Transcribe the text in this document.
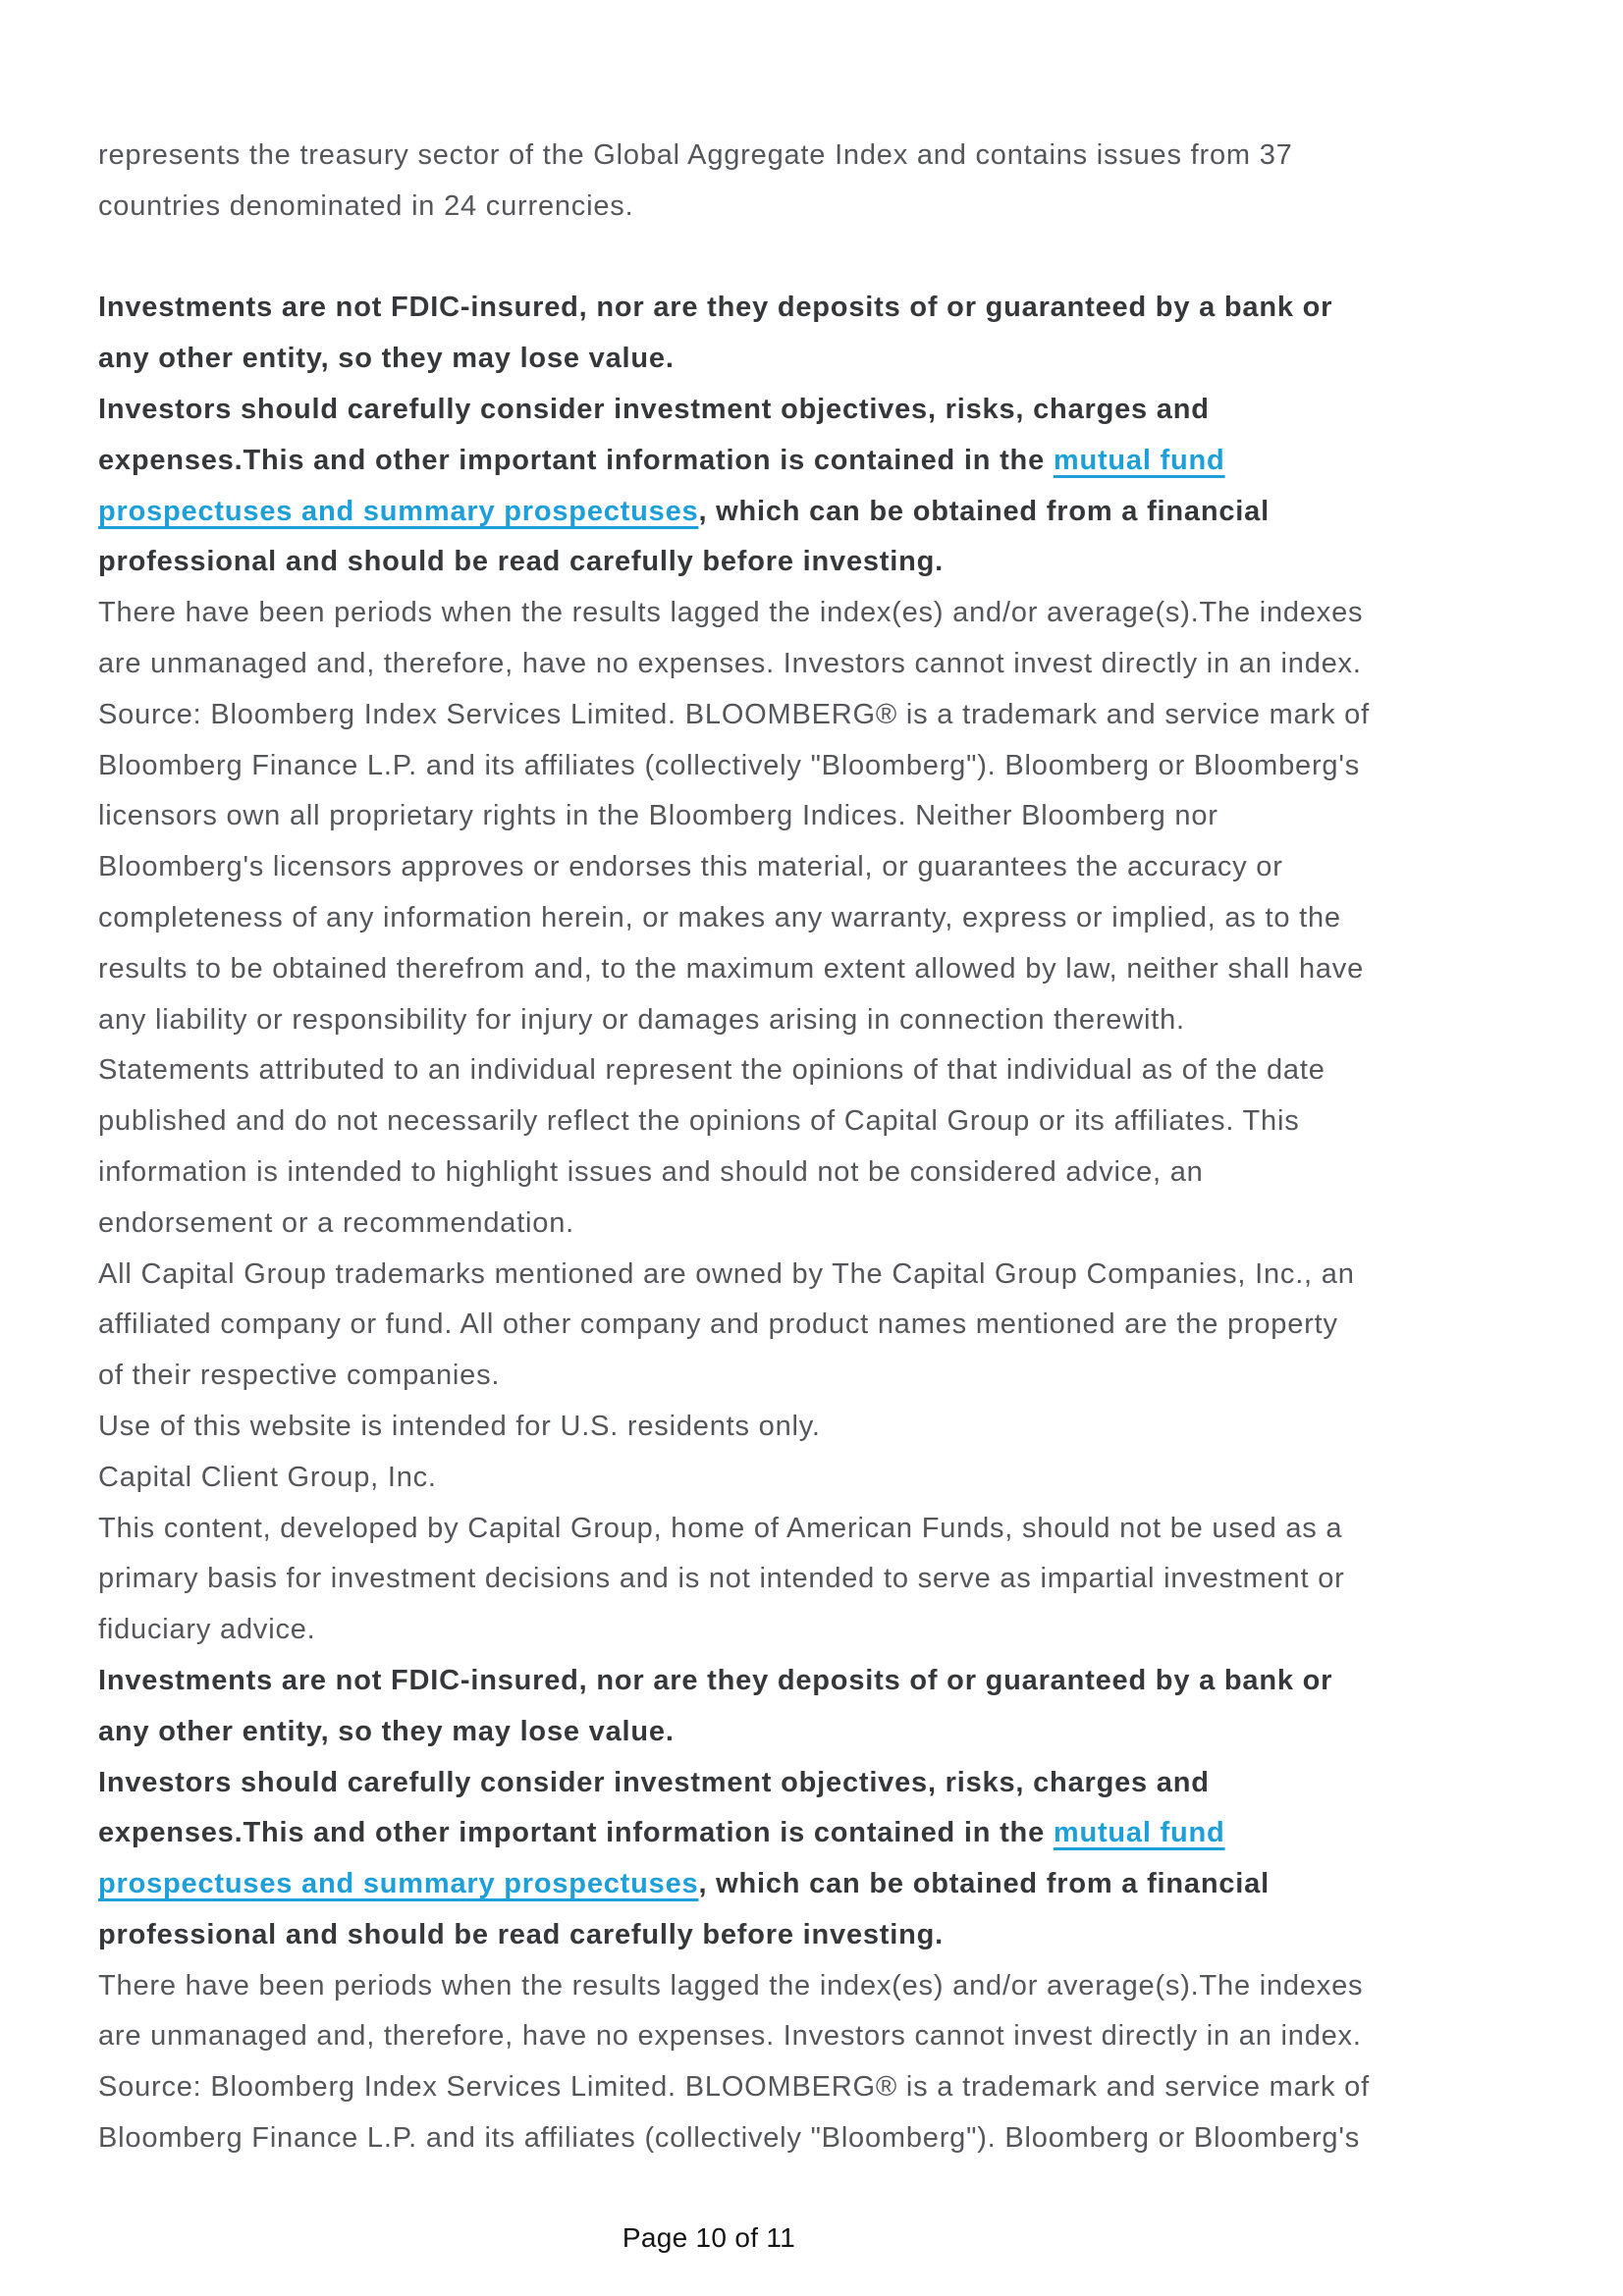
represents the treasury sector of the Global Aggregate Index and contains issues from 37
countries denominated in 24 currencies.
Investments are not FDIC-insured, nor are they deposits of or guaranteed by a bank or
any other entity, so they may lose value.
Investors should carefully consider investment objectives, risks, charges and
expenses.This and other important information is contained in the mutual fund
prospectuses and summary prospectuses, which can be obtained from a financial
professional and should be read carefully before investing.
There have been periods when the results lagged the index(es) and/or average(s).The indexes
are unmanaged and, therefore, have no expenses. Investors cannot invest directly in an index.
Source: Bloomberg Index Services Limited. BLOOMBERG® is a trademark and service mark of
Bloomberg Finance L.P. and its affiliates (collectively "Bloomberg"). Bloomberg or Bloomberg's
licensors own all proprietary rights in the Bloomberg Indices. Neither Bloomberg nor
Bloomberg's licensors approves or endorses this material, or guarantees the accuracy or
completeness of any information herein, or makes any warranty, express or implied, as to the
results to be obtained therefrom and, to the maximum extent allowed by law, neither shall have
any liability or responsibility for injury or damages arising in connection therewith.
Statements attributed to an individual represent the opinions of that individual as of the date
published and do not necessarily reflect the opinions of Capital Group or its affiliates. This
information is intended to highlight issues and should not be considered advice, an
endorsement or a recommendation.
All Capital Group trademarks mentioned are owned by The Capital Group Companies, Inc., an
affiliated company or fund. All other company and product names mentioned are the property
of their respective companies.
Use of this website is intended for U.S. residents only.
Capital Client Group, Inc.
This content, developed by Capital Group, home of American Funds, should not be used as a
primary basis for investment decisions and is not intended to serve as impartial investment or
fiduciary advice.
Investments are not FDIC-insured, nor are they deposits of or guaranteed by a bank or
any other entity, so they may lose value.
Investors should carefully consider investment objectives, risks, charges and
expenses.This and other important information is contained in the mutual fund
prospectuses and summary prospectuses, which can be obtained from a financial
professional and should be read carefully before investing.
There have been periods when the results lagged the index(es) and/or average(s).The indexes
are unmanaged and, therefore, have no expenses. Investors cannot invest directly in an index.
Source: Bloomberg Index Services Limited. BLOOMBERG® is a trademark and service mark of
Bloomberg Finance L.P. and its affiliates (collectively "Bloomberg"). Bloomberg or Bloomberg's
Page 10 of 11
